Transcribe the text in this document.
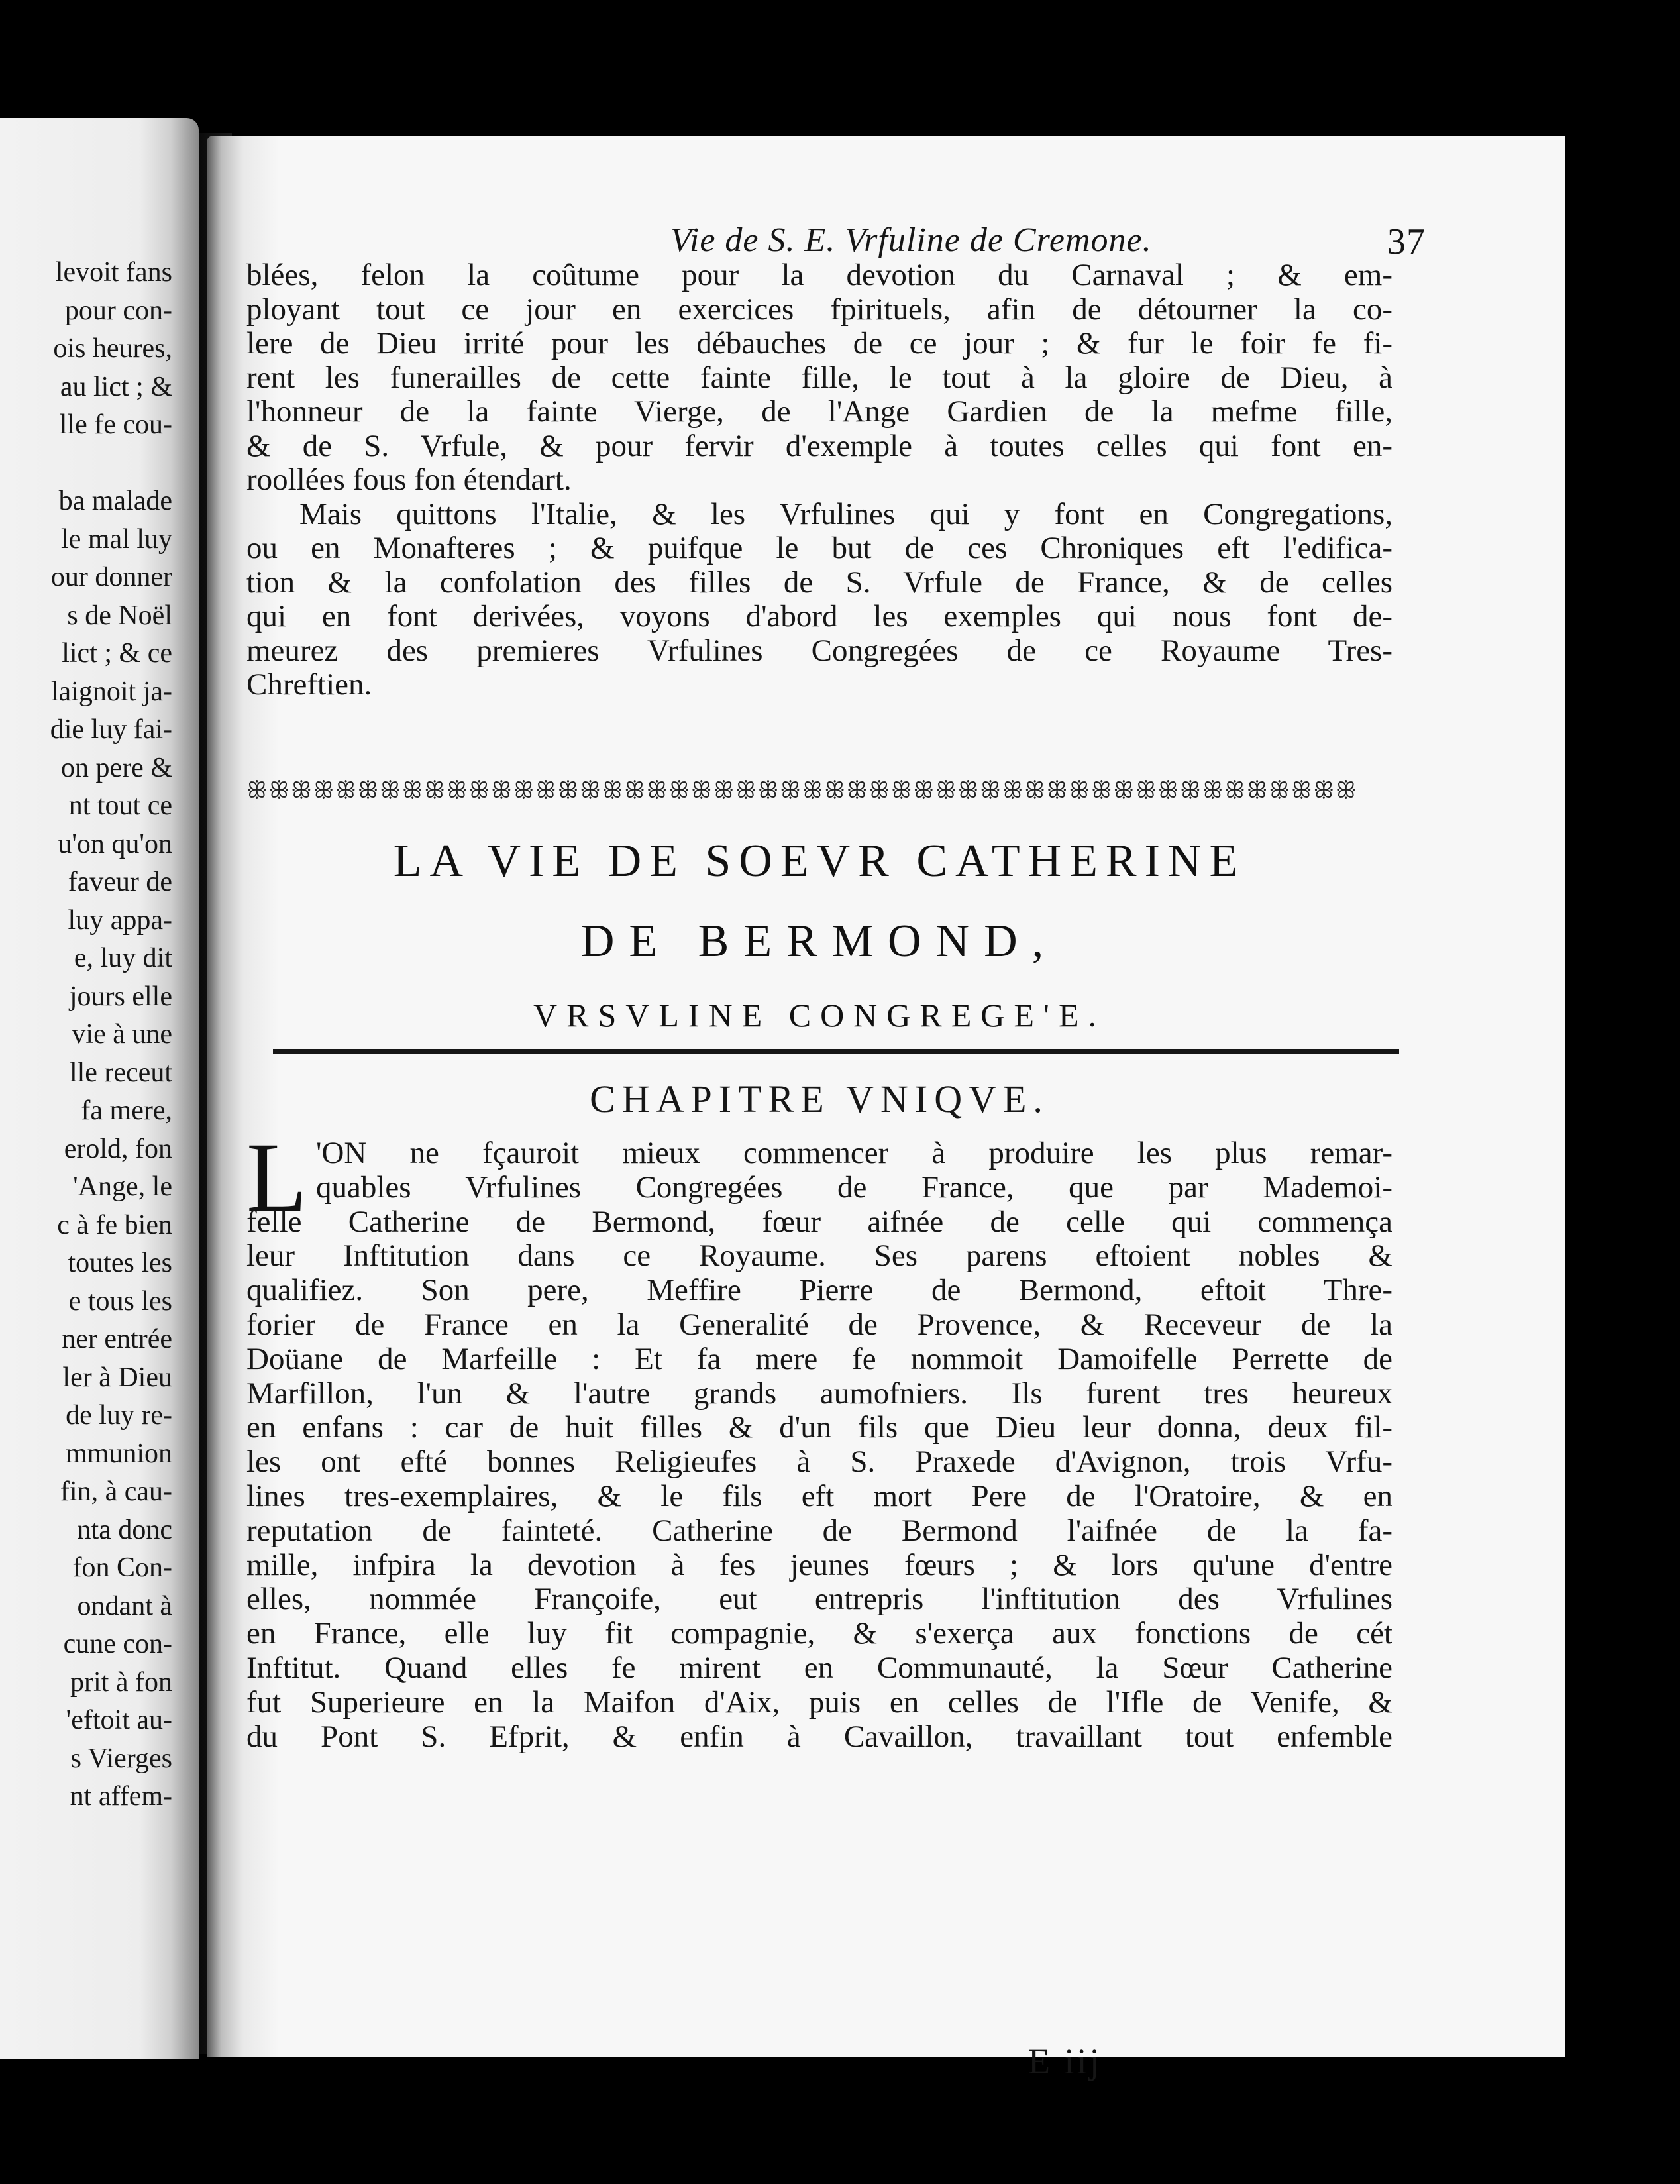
levoit fans
pour con-
ois heures,
au lict ; &
lle fe cou-
ba malade
le mal luy
our donner
s de Noël
lict ; & ce
laignoit ja-
die luy fai-
on pere &
nt tout ce
u'on qu'on
faveur de
luy appa-
e, luy dit
jours elle
vie à une
lle receut
fa mere,
erold, fon
'Ange, le
c à fe bien
toutes les
e tous les
ner entrée
ler à Dieu
de luy re-
mmunion
fin, à cau-
nta donc
fon Con-
ondant à
cune con-
prit à fon
'eftoit au-
s Vierges
nt affem-
Vie de S. E. Vrfuline de Cremone.	37
blées, felon la coûtume pour la devotion du Carnaval ; & em-
ployant tout ce jour en exercices fpirituels, afin de détourner la co-
lere de Dieu irrité pour les débauches de ce jour ; & fur le foir fe fi-
rent les funerailles de cette fainte fille, le tout à la gloire de Dieu, à
l'honneur de la fainte Vierge, de l'Ange Gardien de la mefme fille,
& de S. Vrfule, & pour fervir d'exemple à toutes celles qui font en-
roollées fous fon étendart.
Mais quittons l'Italie, & les Vrfulines qui y font en Congregations,
ou en Monafteres ; & puifque le but de ces Chroniques eft l'edifica-
tion & la confolation des filles de S. Vrfule de France, & de celles
qui en font derivées, voyons d'abord les exemples qui nous font de-
meurez des premieres Vrfulines Congregées de ce Royaume Tres-
Chreftien.
ꕥꕥꕥꕥꕥꕥꕥꕥꕥꕥꕥꕥꕥꕥꕥꕥꕥꕥꕥꕥꕥꕥꕥꕥꕥꕥꕥꕥꕥꕥꕥꕥꕥꕥꕥꕥꕥꕥꕥꕥꕥꕥꕥꕥꕥꕥꕥꕥꕥꕥ
LA VIE DE SOEVR CATHERINE
DE BERMOND,
VRSVLINE CONGREGE'E.
CHAPITRE VNIQVE.
L 'ON ne fçauroit mieux commencer à produire les plus remar-
quables Vrfulines Congregées de France, que par Mademoi-
felle Catherine de Bermond, fœur aifnée de celle qui commença
leur Inftitution dans ce Royaume. Ses parens eftoient nobles &
qualifiez. Son pere, Meffire Pierre de Bermond, eftoit Thre-
forier de France en la Generalité de Provence, & Receveur de la
Doüane de Marfeille : Et fa mere fe nommoit Damoifelle Perrette de
Marfillon, l'un & l'autre grands aumofniers. Ils furent tres heureux
en enfans : car de huit filles & d'un fils que Dieu leur donna, deux fil-
les ont efté bonnes Religieufes à S. Praxede d'Avignon, trois Vrfu-
lines tres-exemplaires, & le fils eft mort Pere de l'Oratoire, & en
reputation de fainteté. Catherine de Bermond l'aifnée de la fa-
mille, infpira la devotion à fes jeunes fœurs ; & lors qu'une d'entre
elles, nommée Françoife, eut entrepris l'inftitution des Vrfulines
en France, elle luy fit compagnie, & s'exerça aux fonctions de cét
Inftitut. Quand elles fe mirent en Communauté, la Sœur Catherine
fut Superieure en la Maifon d'Aix, puis en celles de l'Ifle de Venife, &
du Pont S. Efprit, & enfin à Cavaillon, travaillant tout enfemble
E iij
